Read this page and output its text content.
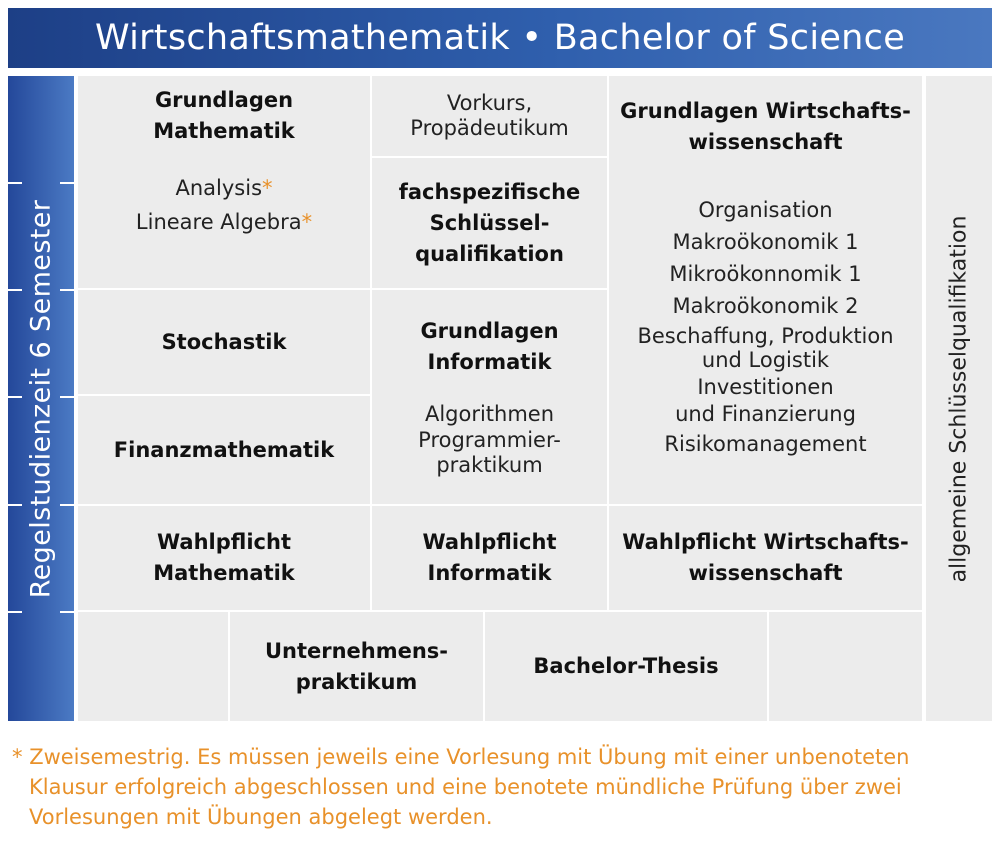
Wirtschaftsmathematik • Bachelor of Science
Regelstudienzeit 6 Semester
Grundlagen
Mathematik
Analysis*
Lineare Algebra*
Stochastik
Finanzmathematik
Wahlpflicht
Mathematik
Vorkurs,
Propädeutikum
fachspezifische
Schlüssel-
qualifikation
Grundlagen
Informatik
Algorithmen
Programmier-
praktikum
Wahlpflicht
Informatik
Grundlagen Wirtschafts-
wissenschaft
Organisation
Makroökonomik 1
Mikroökonnomik 1
Makroökonomik 2
Beschaffung, Produktion
und Logistik
Investitionen
und Finanzierung
Risikomanagement
Wahlpflicht Wirtschafts-
wissenschaft
Unternehmens-
praktikum
Bachelor-Thesis
allgemeine Schlüsselqualifikation
* Zweisemestrig. Es müssen jeweils eine Vorlesung mit Übung mit einer unbenoteten
Klausur erfolgreich abgeschlossen und eine benotete mündliche Prüfung über zwei
Vorlesungen mit Übungen abgelegt werden.
